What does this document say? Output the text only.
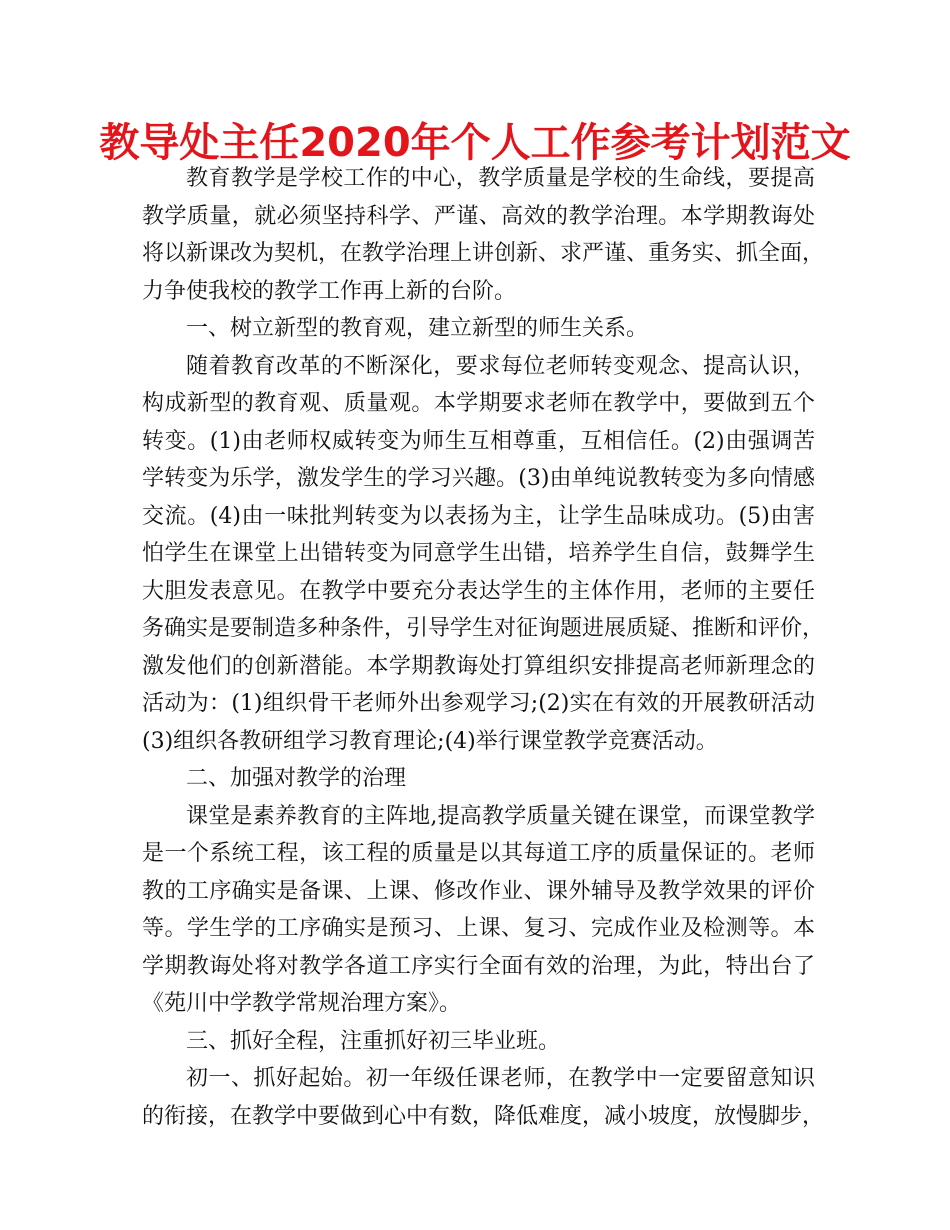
教导处主任2020年个人工作参考计划范文
教育教学是学校工作的中心，教学质量是学校的生命线，要提高
教学质量，就必须坚持科学、严谨、高效的教学治理。本学期教诲处
将以新课改为契机，在教学治理上讲创新、求严谨、重务实、抓全面，
力争使我校的教学工作再上新的台阶。
一、树立新型的教育观，建立新型的师生关系。
随着教育改革的不断深化，要求每位老师转变观念、提高认识，
构成新型的教育观、质量观。本学期要求老师在教学中，要做到五个
转变。(1)由老师权威转变为师生互相尊重，互相信任。(2)由强调苦
学转变为乐学，激发学生的学习兴趣。(3)由单纯说教转变为多向情感
交流。(4)由一味批判转变为以表扬为主，让学生品味成功。(5)由害
怕学生在课堂上出错转变为同意学生出错，培养学生自信，鼓舞学生
大胆发表意见。在教学中要充分表达学生的主体作用，老师的主要任
务确实是要制造多种条件，引导学生对征询题进展质疑、推断和评价，
激发他们的创新潜能。本学期教诲处打算组织安排提高老师新理念的
活动为：(1)组织骨干老师外出参观学习;(2)实在有效的开展教研活动
(3)组织各教研组学习教育理论;(4)举行课堂教学竞赛活动。
二、加强对教学的治理
课堂是素养教育的主阵地,提高教学质量关键在课堂，而课堂教学
是一个系统工程，该工程的质量是以其每道工序的质量保证的。老师
教的工序确实是备课、上课、修改作业、课外辅导及教学效果的评价
等。学生学的工序确实是预习、上课、复习、完成作业及检测等。本
学期教诲处将对教学各道工序实行全面有效的治理，为此，特出台了
《苑川中学教学常规治理方案》。
三、抓好全程，注重抓好初三毕业班。
初一、抓好起始。初一年级任课老师，在教学中一定要留意知识
的衔接，在教学中要做到心中有数，降低难度，减小坡度，放慢脚步，
